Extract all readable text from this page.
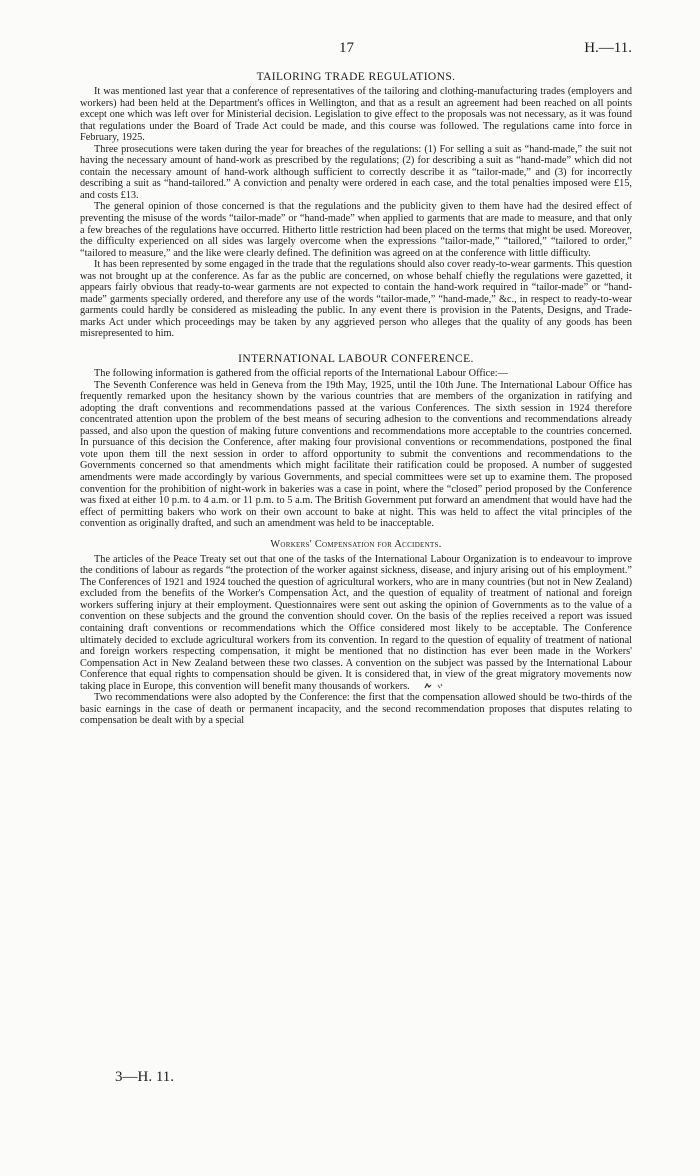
17	H.—11.
TAILORING TRADE REGULATIONS.

It was mentioned last year that a conference of representatives of the tailoring and clothing-manufacturing trades (employers and workers) had been held at the Department's offices in Wellington, and that as a result an agreement had been reached on all points except one which was left over for Ministerial decision. Legislation to give effect to the proposals was not necessary, as it was found that regulations under the Board of Trade Act could be made, and this course was followed. The regulations came into force in February, 1925.

Three prosecutions were taken during the year for breaches of the regulations: (1) For selling a suit as “hand-made,” the suit not having the necessary amount of hand-work as prescribed by the regulations; (2) for describing a suit as “hand-made” which did not contain the necessary amount of hand-work although sufficient to correctly describe it as “tailor-made,” and (3) for incorrectly describing a suit as “hand-tailored.” A conviction and penalty were ordered in each case, and the total penalties imposed were £15, and costs £13.

The general opinion of those concerned is that the regulations and the publicity given to them have had the desired effect of preventing the misuse of the words “tailor-made” or “hand-made” when applied to garments that are made to measure, and that only a few breaches of the regulations have occurred. Hitherto little restriction had been placed on the terms that might be used. Moreover, the difficulty experienced on all sides was largely overcome when the expressions “tailor-made,” “tailored,” “tailored to order,” “tailored to measure,” and the like were clearly defined. The definition was agreed on at the conference with little difficulty.

It has been represented by some engaged in the trade that the regulations should also cover ready-to-wear garments. This question was not brought up at the conference. As far as the public are concerned, on whose behalf chiefly the regulations were gazetted, it appears fairly obvious that ready-to-wear garments are not expected to contain the hand-work required in “tailor-made” or “hand-made” garments specially ordered, and therefore any use of the words “tailor-made,” “hand-made,” &c., in respect to ready-to-wear garments could hardly be considered as misleading the public. In any event there is provision in the Patents, Designs, and Trade-marks Act under which proceedings may be taken by any aggrieved person who alleges that the quality of any goods has been misrepresented to him.

INTERNATIONAL LABOUR CONFERENCE.

The following information is gathered from the official reports of the International Labour Office:—

The Seventh Conference was held in Geneva from the 19th May, 1925, until the 10th June. The International Labour Office has frequently remarked upon the hesitancy shown by the various countries that are members of the organization in ratifying and adopting the draft conventions and recommendations passed at the various Conferences. The sixth session in 1924 therefore concentrated attention upon the problem of the best means of securing adhesion to the conventions and recommendations already passed, and also upon the question of making future conventions and recommendations more acceptable to the countries concerned. In pursuance of this decision the Conference, after making four provisional conventions or recommendations, postponed the final vote upon them till the next session in order to afford opportunity to submit the conventions and recommendations to the Governments concerned so that amendments which might facilitate their ratification could be proposed. A number of suggested amendments were made accordingly by various Governments, and special committees were set up to examine them. The proposed convention for the prohibition of night-work in bakeries was a case in point, where the “closed” period proposed by the Conference was fixed at either 10 p.m. to 4 a.m. or 11 p.m. to 5 a.m. The British Government put forward an amendment that would have had the effect of permitting bakers who work on their own account to bake at night. This was held to affect the vital principles of the convention as originally drafted, and such an amendment was held to be inacceptable.

Workers' Compensation for Accidents.

The articles of the Peace Treaty set out that one of the tasks of the International Labour Organization is to endeavour to improve the conditions of labour as regards “the protection of the worker against sickness, disease, and injury arising out of his employment.” The Conferences of 1921 and 1924 touched the question of agricultural workers, who are in many countries (but not in New Zealand) excluded from the benefits of the Worker's Compensation Act, and the question of equality of treatment of national and foreign workers suffering injury at their employment. Questionnaires were sent out asking the opinion of Governments as to the value of a convention on these subjects and the ground the convention should cover. On the basis of the replies received a report was issued containing draft conventions or recommendations which the Office considered most likely to be acceptable. The Conference ultimately decided to exclude agricultural workers from its convention. In regard to the question of equality of treatment of national and foreign workers respecting compensation, it might be mentioned that no distinction has ever been made in the Workers' Compensation Act in New Zealand between these two classes. A convention on the subject was passed by the International Labour Conference that equal rights to compensation should be given. It is considered that, in view of the great migratory movements now taking place in Europe, this convention will benefit many thousands of workers.

Two recommendations were also adopted by the Conference: the first that the compensation allowed should be two-thirds of the basic earnings in the case of death or permanent incapacity, and the second recommendation proposes that disputes relating to compensation be dealt with by a special

3—H. 11.
